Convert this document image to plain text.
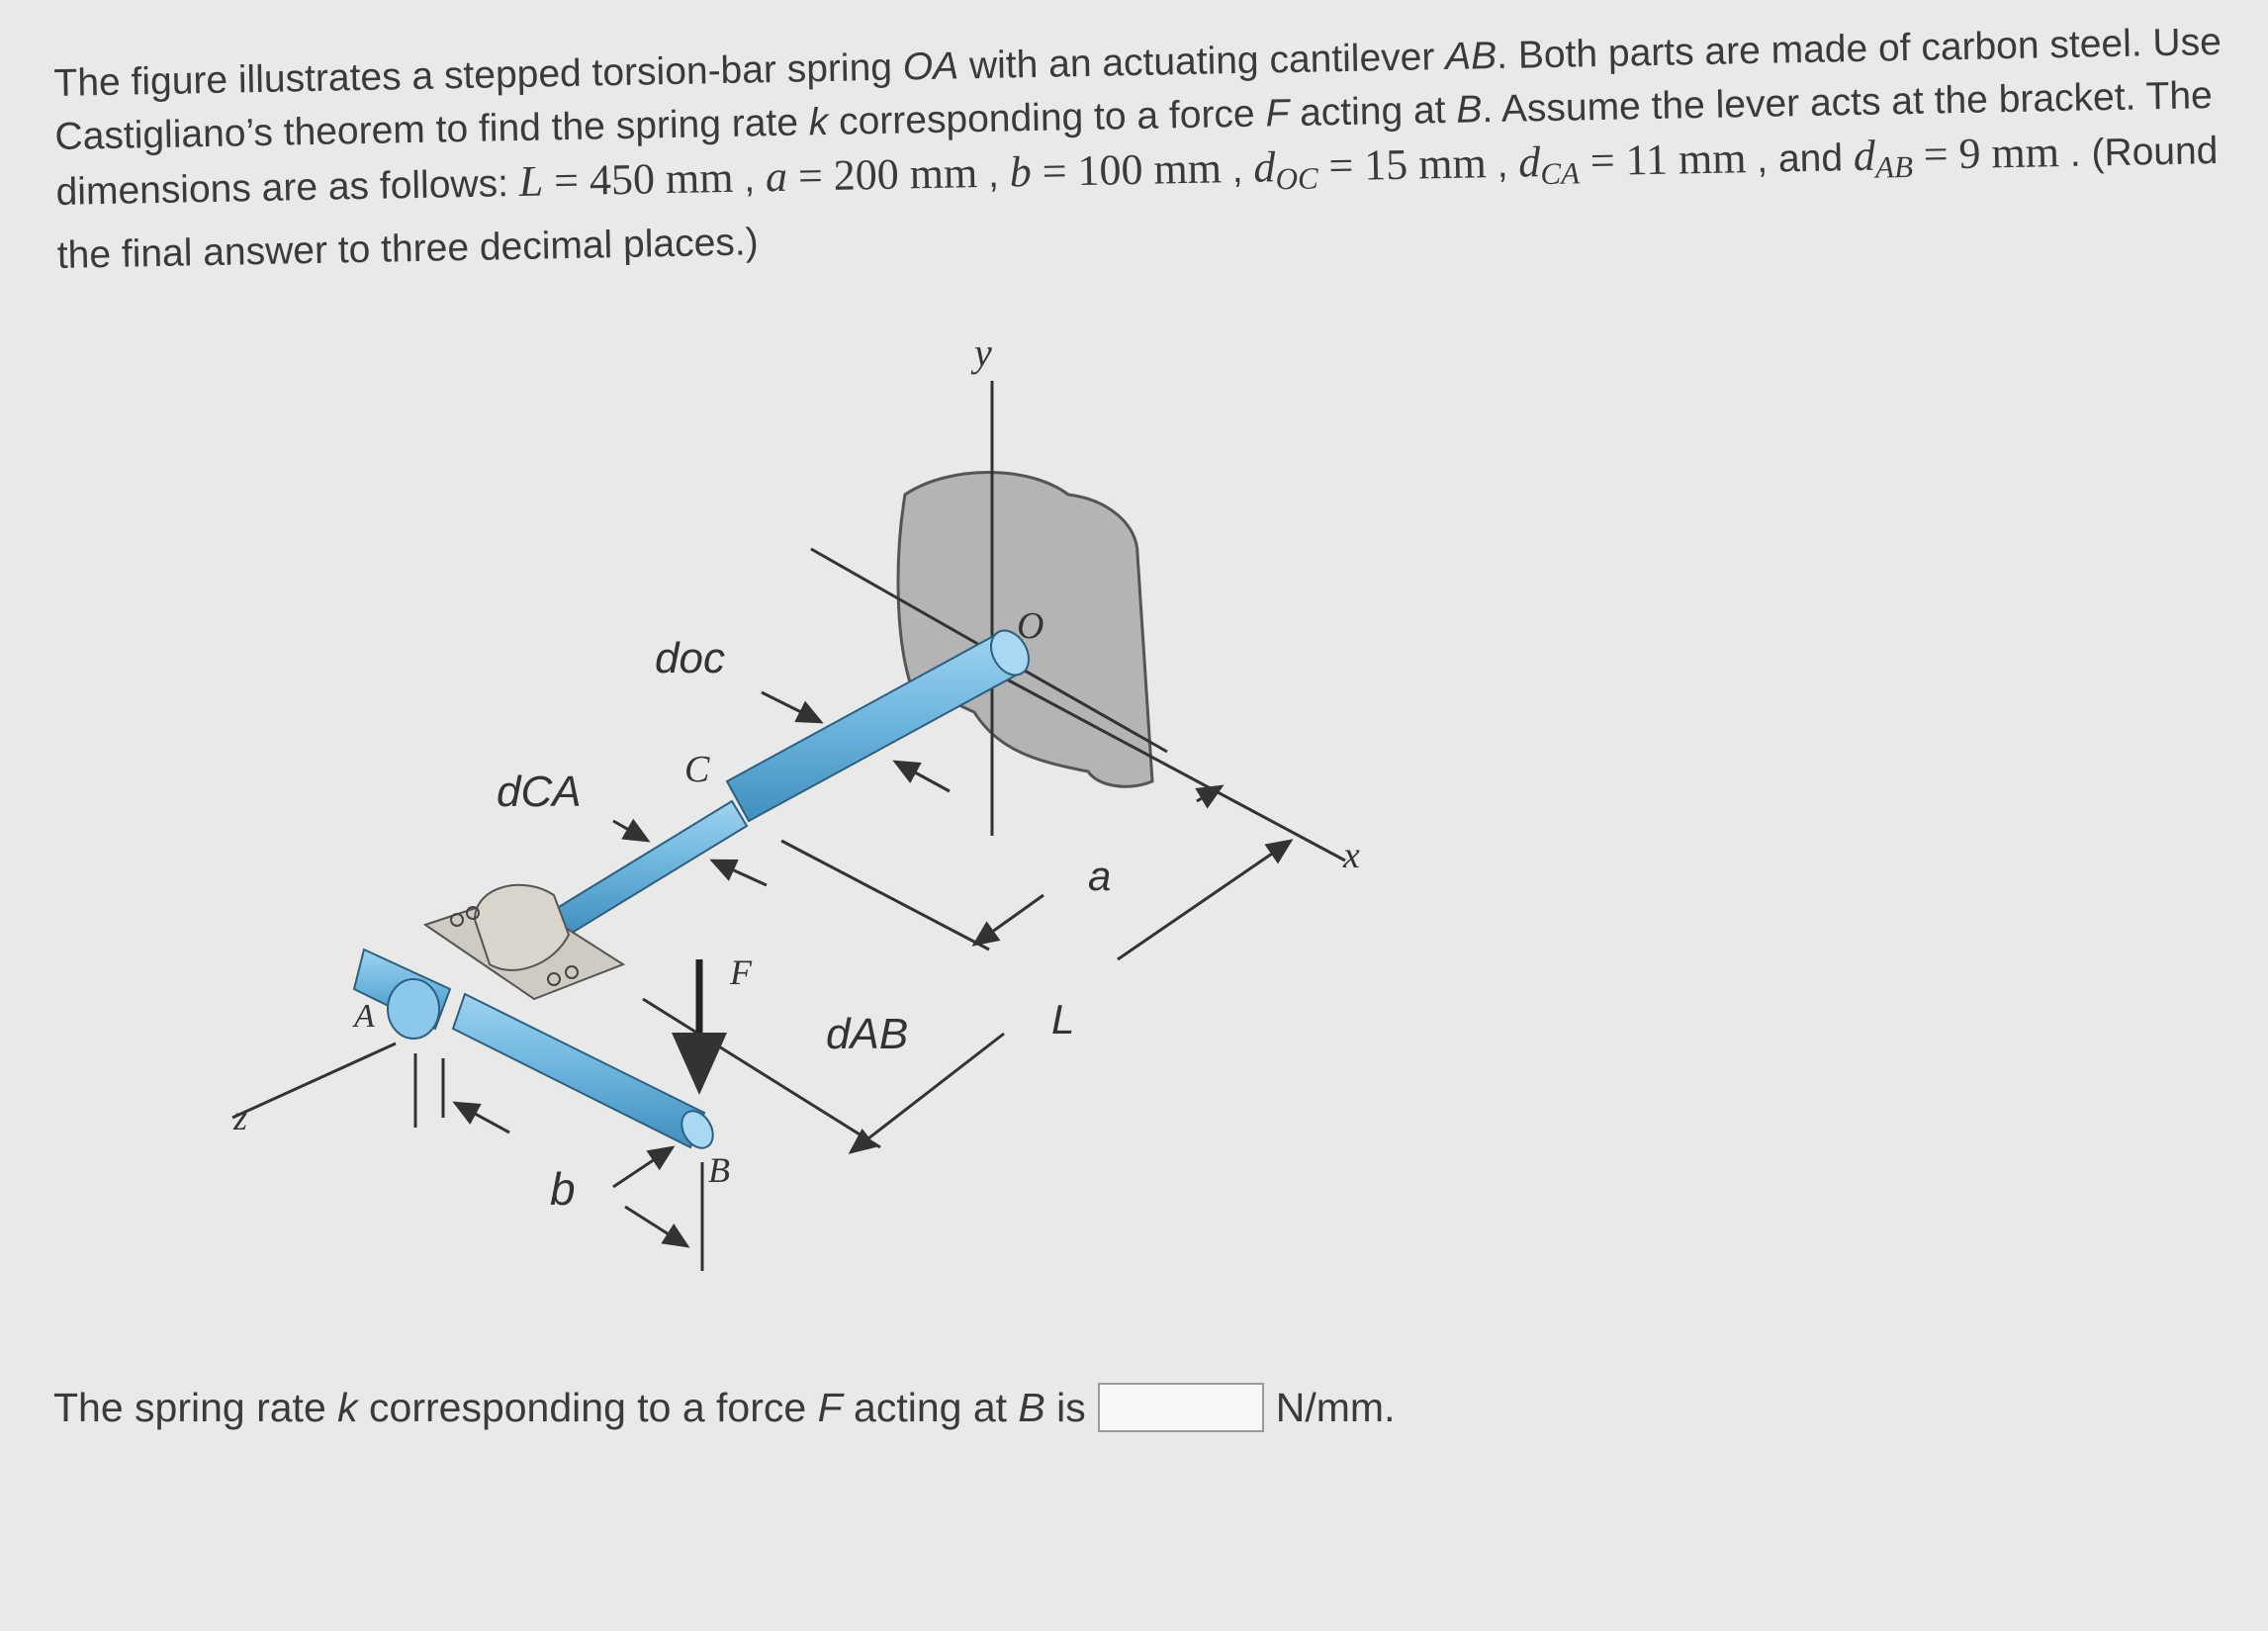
The figure illustrates a stepped torsion-bar spring OA with an actuating cantilever AB. Both parts are made of carbon steel. Use Castigliano’s theorem to find the spring rate k corresponding to a force F acting at B. Assume the lever acts at the bracket. The dimensions are as follows: L = 450 mm , a = 200 mm , b = 100 mm , $d_{OC} = 15$ mm , $d_{CA} = 11$ mm , and $d_{AB} = 9$ mm . (Round the final answer to three decimal places.)

y
O
x
z
C
A
B
F
doc
dCA
dAB
a
L
b
The spring rate k corresponding to a force F acting at B is	N/mm.
